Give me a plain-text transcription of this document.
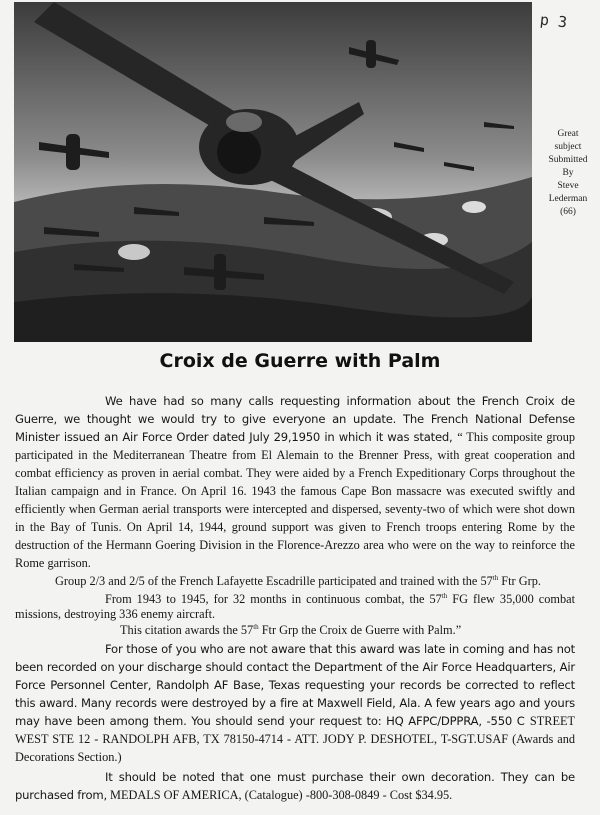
p 3
Great
subject
Submitted
By
Steve
Lederman
(66)
Croix de Guerre with Palm

We have had so many calls requesting information about the French Croix de Guerre, we thought we would try to give everyone an update. The French National Defense Minister issued an Air Force Order dated July 29,1950 in which it was stated, “ This composite group participated in the Mediterranean Theatre from El Alemain to the Brenner Press, with great cooperation and combat efficiency as proven in aerial combat. They were aided by a French Expeditionary Corps throughout the Italian campaign and in France. On April 16. 1943 the famous Cape Bon massacre was executed swiftly and efficiently when German aerial transports were intercepted and dispersed, seventy-two of which were shot down in the Bay of Tunis. On April 14, 1944, ground support was given to French troops entering Rome by the destruction of the Hermann Goering Division in the Florence-Arezzo area who were on the way to reinforce the Rome garrison.

Group 2/3 and 2/5 of the French Lafayette Escadrille participated and trained with the 57th Ftr Grp.

From 1943 to 1945, for 32 months in continuous combat, the 57th FG flew 35,000 combat missions, destroying 336 enemy aircraft.

This citation awards the 57th Ftr Grp the Croix de Guerre with Palm.”

For those of you who are not aware that this award was late in coming and has not been recorded on your discharge should contact the Department of the Air Force Headquarters, Air Force Personnel Center, Randolph AF Base, Texas requesting your records be corrected to reflect this award. Many records were destroyed by a fire at Maxwell Field, Ala. A few years ago and yours may have been among them. You should send your request to: HQ AFPC/DPPRA, -550 C STREET WEST STE 12 - RANDOLPH AFB, TX 78150-4714 - ATT. JODY P. DESHOTEL, T-SGT.USAF (Awards and Decorations Section.)

It should be noted that one must purchase their own decoration. They can be purchased from, MEDALS OF AMERICA, (Catalogue) -800-308-0849 - Cost $34.95.
